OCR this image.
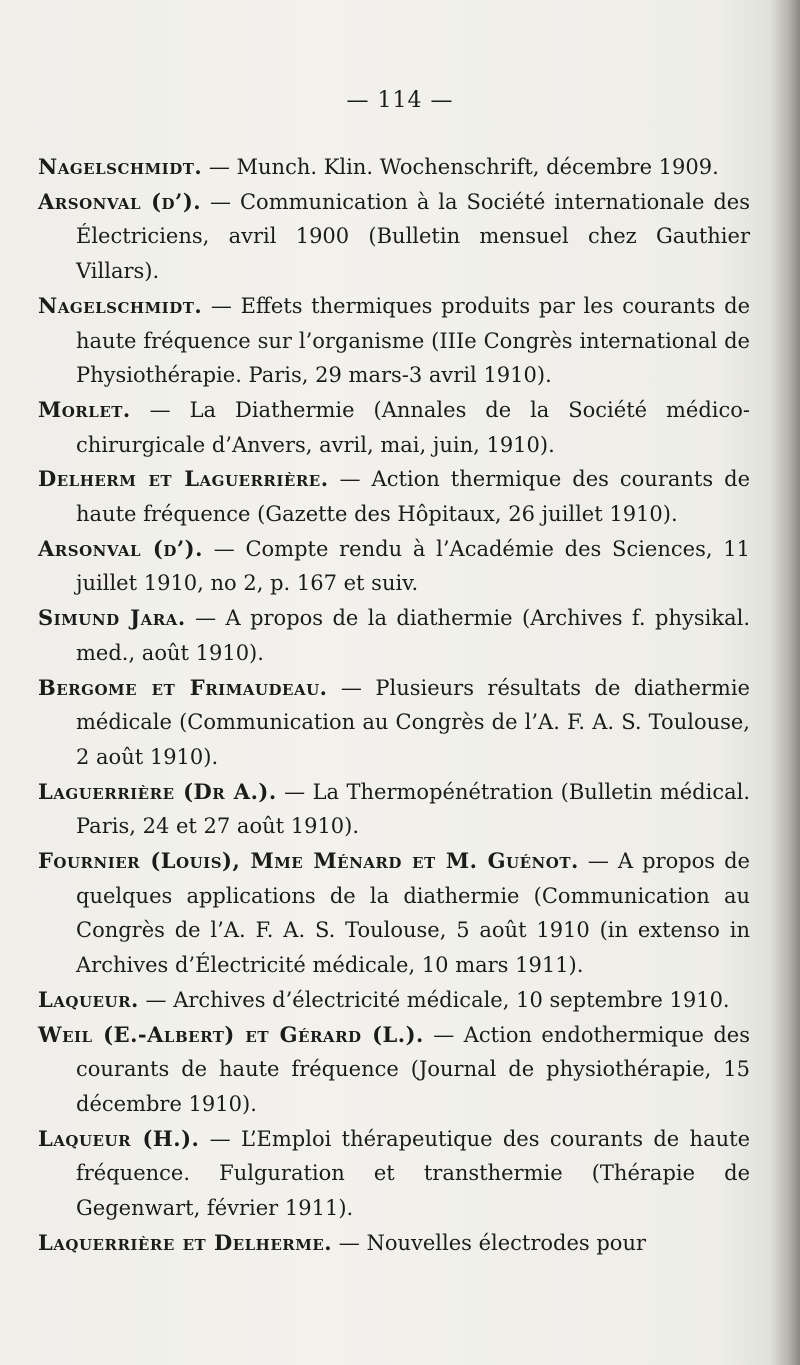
— 114 —

Nagelschmidt. — Munch. Klin. Wochenschrift, décembre 1909.

Arsonval (d’). — Communication à la Société internationale des Électriciens, avril 1900 (Bulletin mensuel chez Gauthier Villars).

Nagelschmidt. — Effets thermiques produits par les courants de haute fréquence sur l’organisme (IIIe Congrès international de Physiothérapie. Paris, 29 mars-3 avril 1910).

Morlet. — La Diathermie (Annales de la Société médico-chirurgicale d’Anvers, avril, mai, juin, 1910).

Delherm et Laguerrière. — Action thermique des courants de haute fréquence (Gazette des Hôpitaux, 26 juillet 1910).

Arsonval (d’). — Compte rendu à l’Académie des Sciences, 11 juillet 1910, no 2, p. 167 et suiv.

Simund Jara. — A propos de la diathermie (Archives f. physikal. med., août 1910).

Bergome et Frimaudeau. — Plusieurs résultats de diathermie médicale (Communication au Congrès de l’A. F. A. S. Toulouse, 2 août 1910).

Laguerrière (Dr A.). — La Thermopénétration (Bulletin médical. Paris, 24 et 27 août 1910).

Fournier (Louis), Mme Ménard et M. Guénot. — A propos de quelques applications de la diathermie (Communication au Congrès de l’A. F. A. S. Toulouse, 5 août 1910 (in extenso in Archives d’Électricité médicale, 10 mars 1911).

Laqueur. — Archives d’électricité médicale, 10 septembre 1910.

Weil (E.-Albert) et Gérard (L.). — Action endothermique des courants de haute fréquence (Journal de physiothérapie, 15 décembre 1910).

Laqueur (H.). — L’Emploi thérapeutique des courants de haute fréquence. Fulguration et transthermie (Thérapie de Gegenwart, février 1911).

Laquerrière et Delherme. — Nouvelles électrodes pour
